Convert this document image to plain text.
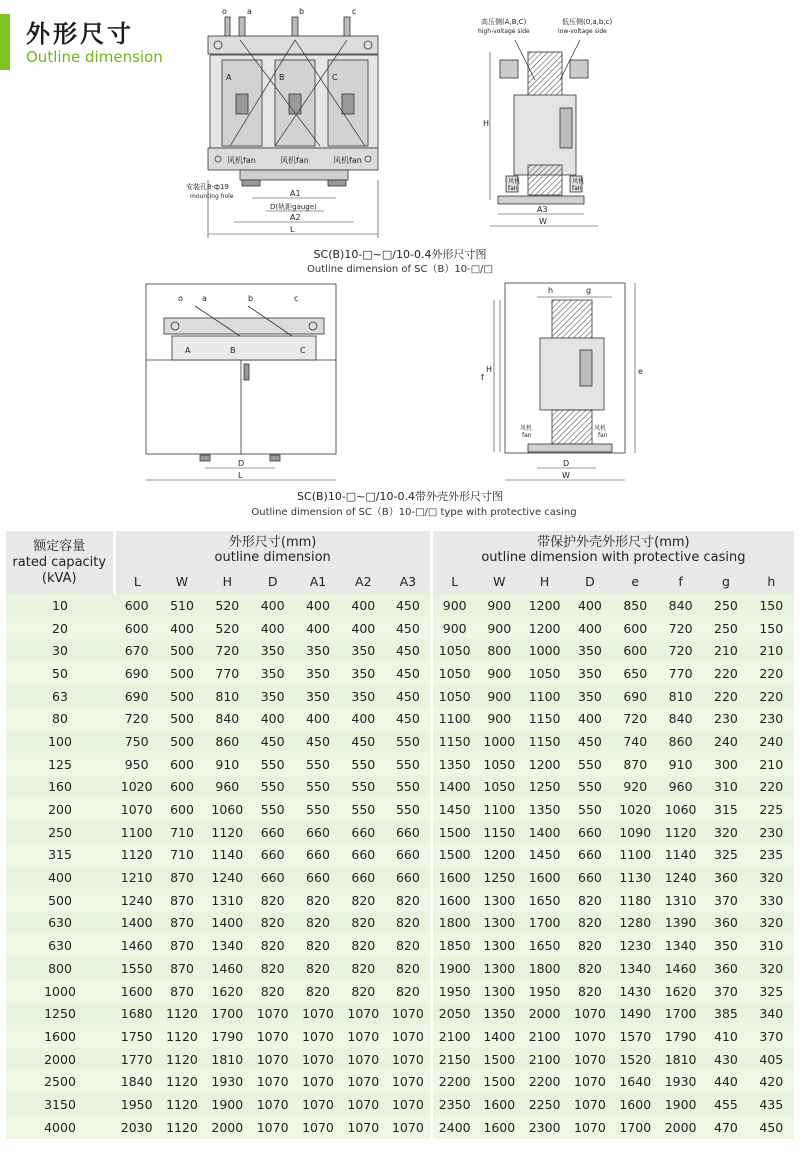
外形尺寸
Outline dimension
o	a	b	c
A	B	C
风机fan	风机fan	风机fan
安装孔8-ф19
mounting hole	A1
D(轨距gauge)
A2
L
SC(B)10-□~□/10-0.4外形尺寸图
Outline dimension of SC（B）10-□/□
高压侧(A,B,C)
high-voltage side
低压侧(0,a,b,c)
low-voltage side
风机
fan
风机
fan
H
A3
W
o a	b	c
A	B	C
D
L
SC(B)10-□~□/10-0.4带外壳外形尺寸图
Outline dimension of SC（B）10-□/□ type with protective casing
h	g
H
f
e
D
W
风机
fan
风机
fan
额定容量
rated capacity
(kVA)	外形尺寸(mm)
outline dimension							带保护外壳外形尺寸(mm)
outline dimension with protective casing							

	L	W	H	D	A1	A2	A3	L	W	H	D	e	f	g	h
10	600	510	520	400	400	400	450	900	900	1200	400	850	840	250	150
20	600	400	520	400	400	400	450	900	900	1200	400	600	720	250	150
30	670	500	720	350	350	350	450	1050	800	1000	350	600	720	210	210
50	690	500	770	350	350	350	450	1050	900	1050	350	650	770	220	220
63	690	500	810	350	350	350	450	1050	900	1100	350	690	810	220	220
80	720	500	840	400	400	400	450	1100	900	1150	400	720	840	230	230
100	750	500	860	450	450	450	550	1150	1000	1150	450	740	860	240	240
125	950	600	910	550	550	550	550	1350	1050	1200	550	870	910	300	210
160	1020	600	960	550	550	550	550	1400	1050	1250	550	920	960	310	220
200	1070	600	1060	550	550	550	550	1450	1100	1350	550	1020	1060	315	225
250	1100	710	1120	660	660	660	660	1500	1150	1400	660	1090	1120	320	230
315	1120	710	1140	660	660	660	660	1500	1200	1450	660	1100	1140	325	235
400	1210	870	1240	660	660	660	660	1600	1250	1600	660	1130	1240	360	320
500	1240	870	1310	820	820	820	820	1600	1300	1650	820	1180	1310	370	330
630	1400	870	1400	820	820	820	820	1800	1300	1700	820	1280	1390	360	320
630	1460	870	1340	820	820	820	820	1850	1300	1650	820	1230	1340	350	310
800	1550	870	1460	820	820	820	820	1900	1300	1800	820	1340	1460	360	320
1000	1600	870	1620	820	820	820	820	1950	1300	1950	820	1430	1620	370	325
1250	1680	1120	1700	1070	1070	1070	1070	2050	1350	2000	1070	1490	1700	385	340
1600	1750	1120	1790	1070	1070	1070	1070	2100	1400	2100	1070	1570	1790	410	370
2000	1770	1120	1810	1070	1070	1070	1070	2150	1500	2100	1070	1520	1810	430	405
2500	1840	1120	1930	1070	1070	1070	1070	2200	1500	2200	1070	1640	1930	440	420
3150	1950	1120	1900	1070	1070	1070	1070	2350	1600	2250	1070	1600	1900	455	435
4000	2030	1120	2000	1070	1070	1070	1070	2400	1600	2300	1070	1700	2000	470	450
